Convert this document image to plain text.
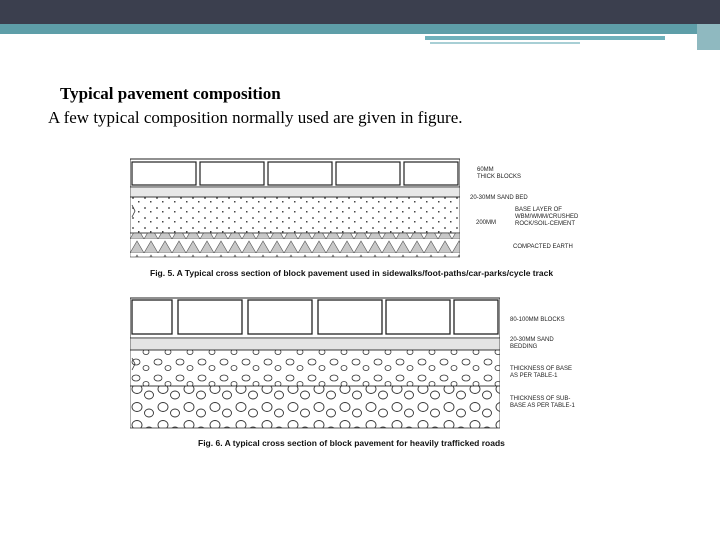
Typical pavement composition
A few typical composition normally used are given in figure.
60MM
THICK BLOCKS
20-30MM SAND BED
BASE LAYER OF WBM/WMM/CRUSHED ROCK/SOIL-CEMENT
200MM
COMPACTED EARTH
Fig. 5. A Typical cross section of block pavement used in sidewalks/foot-paths/car-parks/cycle track
80-100MM BLOCKS
20-30MM SAND BEDDING
THICKNESS OF BASE AS PER TABLE-1
THICKNESS OF SUB-BASE AS PER TABLE-1
Fig. 6. A typical cross section of block pavement for heavily trafficked roads
